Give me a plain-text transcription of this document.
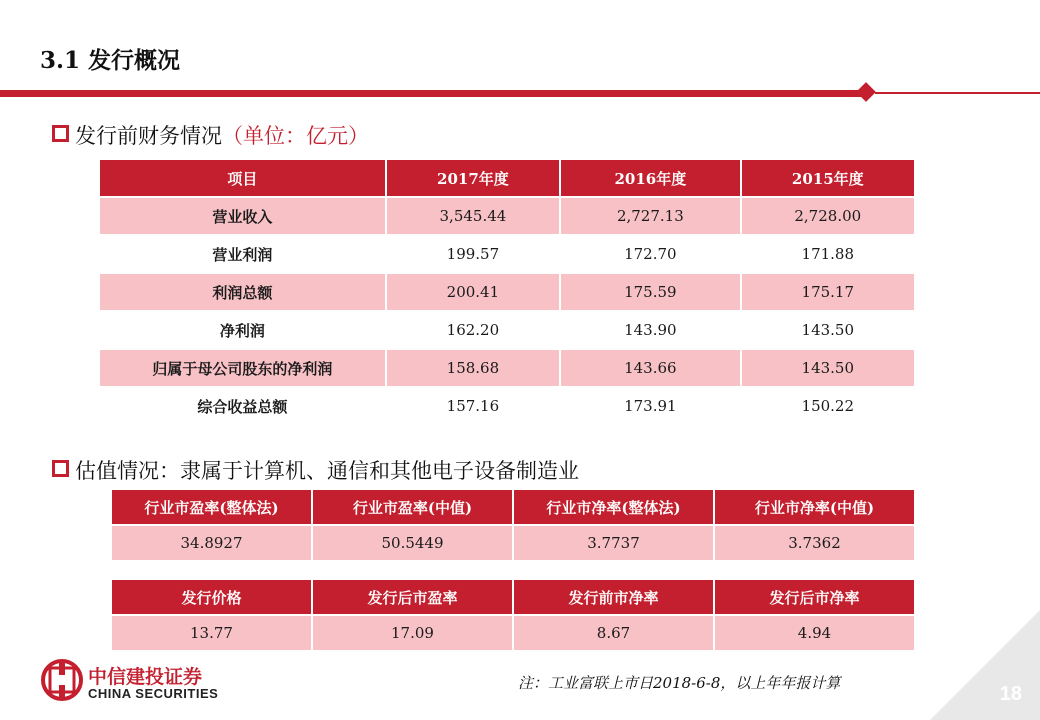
3.1 发行概况
发行前财务情况（单位：亿元）
项目	2017年度	2016年度	2015年度
营业收入	3,545.44	2,727.13	2,728.00
营业利润	199.57	172.70	171.88
利润总额	200.41	175.59	175.17
净利润	162.20	143.90	143.50
归属于母公司股东的净利润	158.68	143.66	143.50
综合收益总额	157.16	173.91	150.22
估值情况：隶属于计算机、通信和其他电子设备制造业
行业市盈率(整体法)	行业市盈率(中值)	行业市净率(整体法)	行业市净率(中值)
34.8927	50.5449	3.7737	3.7362
发行价格	发行后市盈率	发行前市净率	发行后市净率
13.77	17.09	8.67	4.94
中信建投证券
CHINA SECURITIES
注：工业富联上市日2018-6-8，以上年年报计算	18
